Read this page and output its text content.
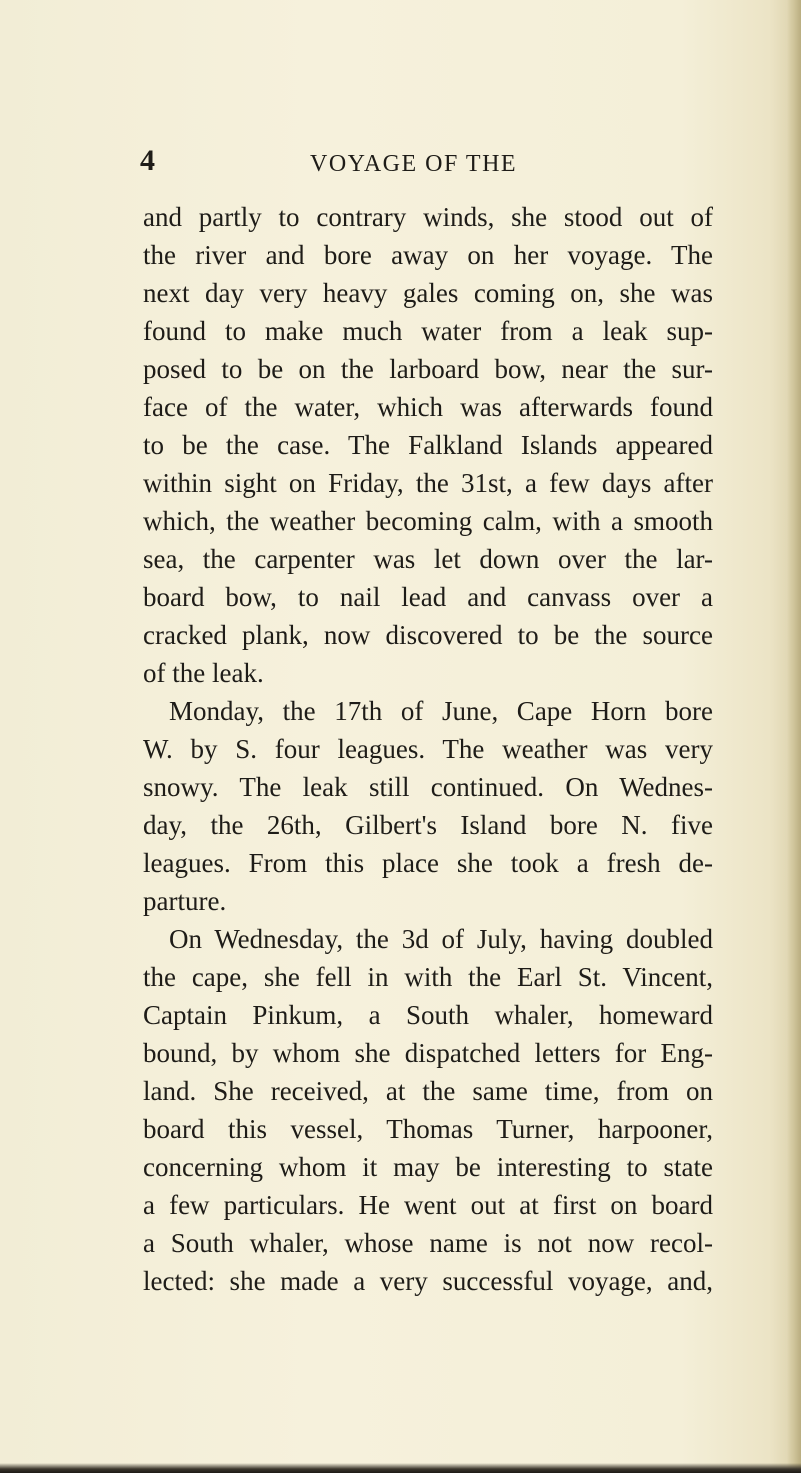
4	VOYAGE OF THE
and partly to contrary winds, she stood out of
the river and bore away on her voyage. The
next day very heavy gales coming on, she was
found to make much water from a leak sup-
posed to be on the larboard bow, near the sur-
face of the water, which was afterwards found
to be the case. The Falkland Islands appeared
within sight on Friday, the 31st, a few days after
which, the weather becoming calm, with a smooth
sea, the carpenter was let down over the lar-
board bow, to nail lead and canvass over a
cracked plank, now discovered to be the source
of the leak.
Monday, the 17th of June, Cape Horn bore
W. by S. four leagues. The weather was very
snowy. The leak still continued. On Wednes-
day, the 26th, Gilbert's Island bore N. five
leagues. From this place she took a fresh de-
parture.
On Wednesday, the 3d of July, having doubled
the cape, she fell in with the Earl St. Vincent,
Captain Pinkum, a South whaler, homeward
bound, by whom she dispatched letters for Eng-
land. She received, at the same time, from on
board this vessel, Thomas Turner, harpooner,
concerning whom it may be interesting to state
a few particulars. He went out at first on board
a South whaler, whose name is not now recol-
lected: she made a very successful voyage, and,
